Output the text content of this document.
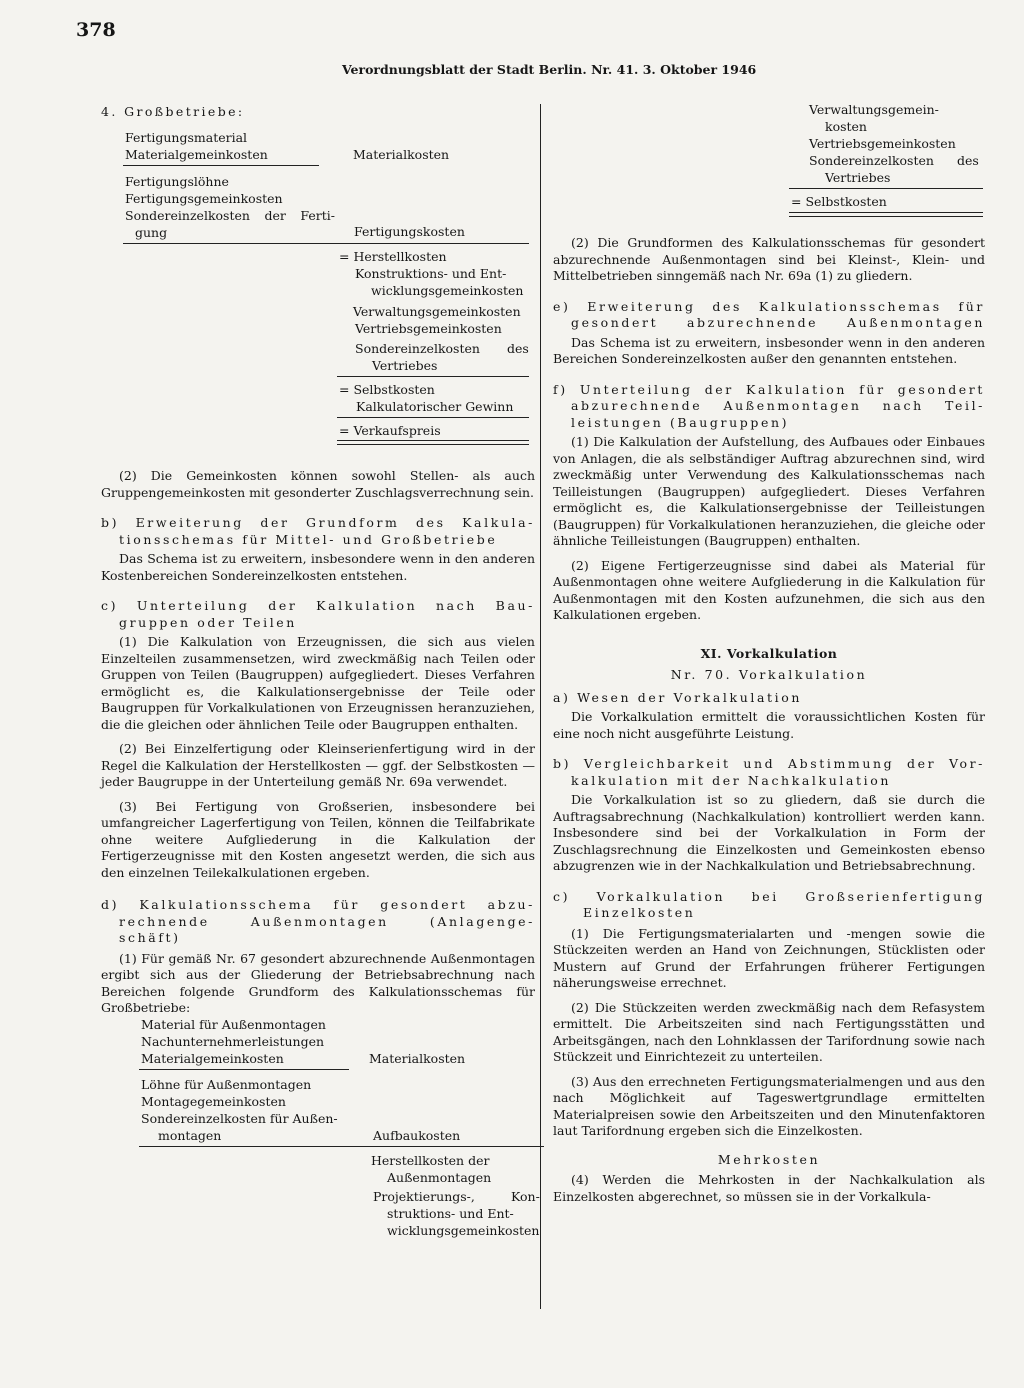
378
Verordnungsblatt der Stadt Berlin. Nr. 41. 3. Oktober 1946
4. Großbetriebe:
Fertigungsmaterial
Materialgemeinkosten	Materialkosten
Fertigungslöhne
Fertigungsgemeinkosten
Sondereinzelkosten der Ferti-
gung	Fertigungskosten
= Herstellkosten
Konstruktions- und Ent-
wicklungsgemeinkosten
Verwaltungsgemeinkosten
Vertriebsgemeinkosten
Sondereinzelkosten des
Vertriebes
= Selbstkosten
Kalkulatorischer Gewinn
= Verkaufspreis

(2) Die Gemeinkosten können sowohl Stellen- als auch Gruppengemeinkosten mit gesonderter Zuschlagsverrechnung sein.

b) Erweiterung der Grundform des Kalkula-

tionsschemas für Mittel- und Großbetriebe

Das Schema ist zu erweitern, insbesondere wenn in den anderen Kostenbereichen Sondereinzelkosten entstehen.

c) Unterteilung der Kalkulation nach Bau-

gruppen oder Teilen

(1) Die Kalkulation von Erzeugnissen, die sich aus vielen Einzelteilen zusammensetzen, wird zweckmäßig nach Teilen oder Gruppen von Teilen (Baugruppen) aufgegliedert. Dieses Verfahren ermöglicht es, die Kalkulationsergebnisse der Teile oder Baugruppen für Vorkalkulationen von Erzeugnissen heranzuziehen, die die gleichen oder ähnlichen Teile oder Baugruppen enthalten.

(2) Bei Einzelfertigung oder Kleinserienfertigung wird in der Regel die Kalkulation der Herstellkosten — ggf. der Selbstkosten — jeder Baugruppe in der Unterteilung gemäß Nr. 69a verwendet.

(3) Bei Fertigung von Großserien, insbesondere bei umfangreicher Lagerfertigung von Teilen, können die Teilfabrikate ohne weitere Aufgliederung in die Kalkulation der Fertigerzeugnisse mit den Kosten angesetzt werden, die sich aus den einzelnen Teilekalkulationen ergeben.

d) Kalkulationsschema für gesondert abzu-

rechnende Außenmontagen (Anlagenge-

schäft)

(1) Für gemäß Nr. 67 gesondert abzurechnende Außenmontagen ergibt sich aus der Gliederung der Betriebsabrechnung nach Bereichen folgende Grundform des Kalkulationsschemas für Großbetriebe:

Material für Außenmontagen
Nachunternehmerleistungen
Materialgemeinkosten	Materialkosten
Löhne für Außenmontagen
Montagegemeinkosten
Sondereinzelkosten für Außen-
montagen	Aufbaukosten
Herstellkosten der
Außenmontagen
Projektierungs-,	Kon-
struktions- und Ent-
wicklungsgemeinkosten
Verwaltungsgemein-
kosten
Vertriebsgemeinkosten
Sondereinzelkosten des
Vertriebes
= Selbstkosten

(2) Die Grundformen des Kalkulationsschemas für gesondert abzurechnende Außenmontagen sind bei Kleinst-, Klein- und Mittelbetrieben sinngemäß nach Nr. 69a (1) zu gliedern.

e) Erweiterung des Kalkulationsschemas für

gesondert abzurechnende Außenmontagen

Das Schema ist zu erweitern, insbesonder wenn in den anderen Bereichen Sondereinzelkosten außer den genannten entstehen.

f) Unterteilung der Kalkulation für gesondert

abzurechnende Außenmontagen nach Teil-

leistungen (Baugruppen)

(1) Die Kalkulation der Aufstellung, des Aufbaues oder Einbaues von Anlagen, die als selbständiger Auftrag abzurechnen sind, wird zweckmäßig unter Verwendung des Kalkulationsschemas nach Teilleistungen (Baugruppen) aufgegliedert. Dieses Verfahren ermöglicht es, die Kalkulationsergebnisse der Teilleistungen (Baugruppen) für Vorkalkulationen heranzuziehen, die gleiche oder ähnliche Teilleistungen (Baugruppen) enthalten.

(2) Eigene Fertigerzeugnisse sind dabei als Material für Außenmontagen ohne weitere Aufgliederung in die Kalkulation für Außenmontagen mit den Kosten aufzunehmen, die sich aus den Kalkulationen ergeben.

XI. Vorkalkulation

Nr. 70. Vorkalkulation

a) Wesen der Vorkalkulation

Die Vorkalkulation ermittelt die voraussichtlichen Kosten für eine noch nicht ausgeführte Leistung.

b) Vergleichbarkeit und Abstimmung der Vor-

kalkulation mit der Nachkalkulation

Die Vorkalkulation ist so zu gliedern, daß sie durch die Auftragsabrechnung (Nachkalkulation) kontrolliert werden kann. Insbesondere sind bei der Vorkalkulation in Form der Zuschlagsrechnung die Einzelkosten und Gemeinkosten ebenso abzugrenzen wie in der Nachkalkulation und Betriebsabrechnung.

c) Vorkalkulation bei Großserienfertigung

Einzelkosten

(1) Die Fertigungsmaterialarten und -mengen sowie die Stückzeiten werden an Hand von Zeichnungen, Stücklisten oder Mustern auf Grund der Erfahrungen früherer Fertigungen näherungsweise errechnet.

(2) Die Stückzeiten werden zweckmäßig nach dem Refasystem ermittelt. Die Arbeitszeiten sind nach Fertigungsstätten und Arbeitsgängen, nach den Lohnklassen der Tarifordnung sowie nach Stückzeit und Einrichtezeit zu unterteilen.

(3) Aus den errechneten Fertigungsmaterialmengen und aus den nach Möglichkeit auf Tageswertgrundlage ermittelten Materialpreisen sowie den Arbeitszeiten und den Minutenfaktoren laut Tarifordnung ergeben sich die Einzelkosten.

Mehrkosten

(4) Werden die Mehrkosten in der Nachkalkulation als Einzelkosten abgerechnet, so müssen sie in der Vorkalkula-
